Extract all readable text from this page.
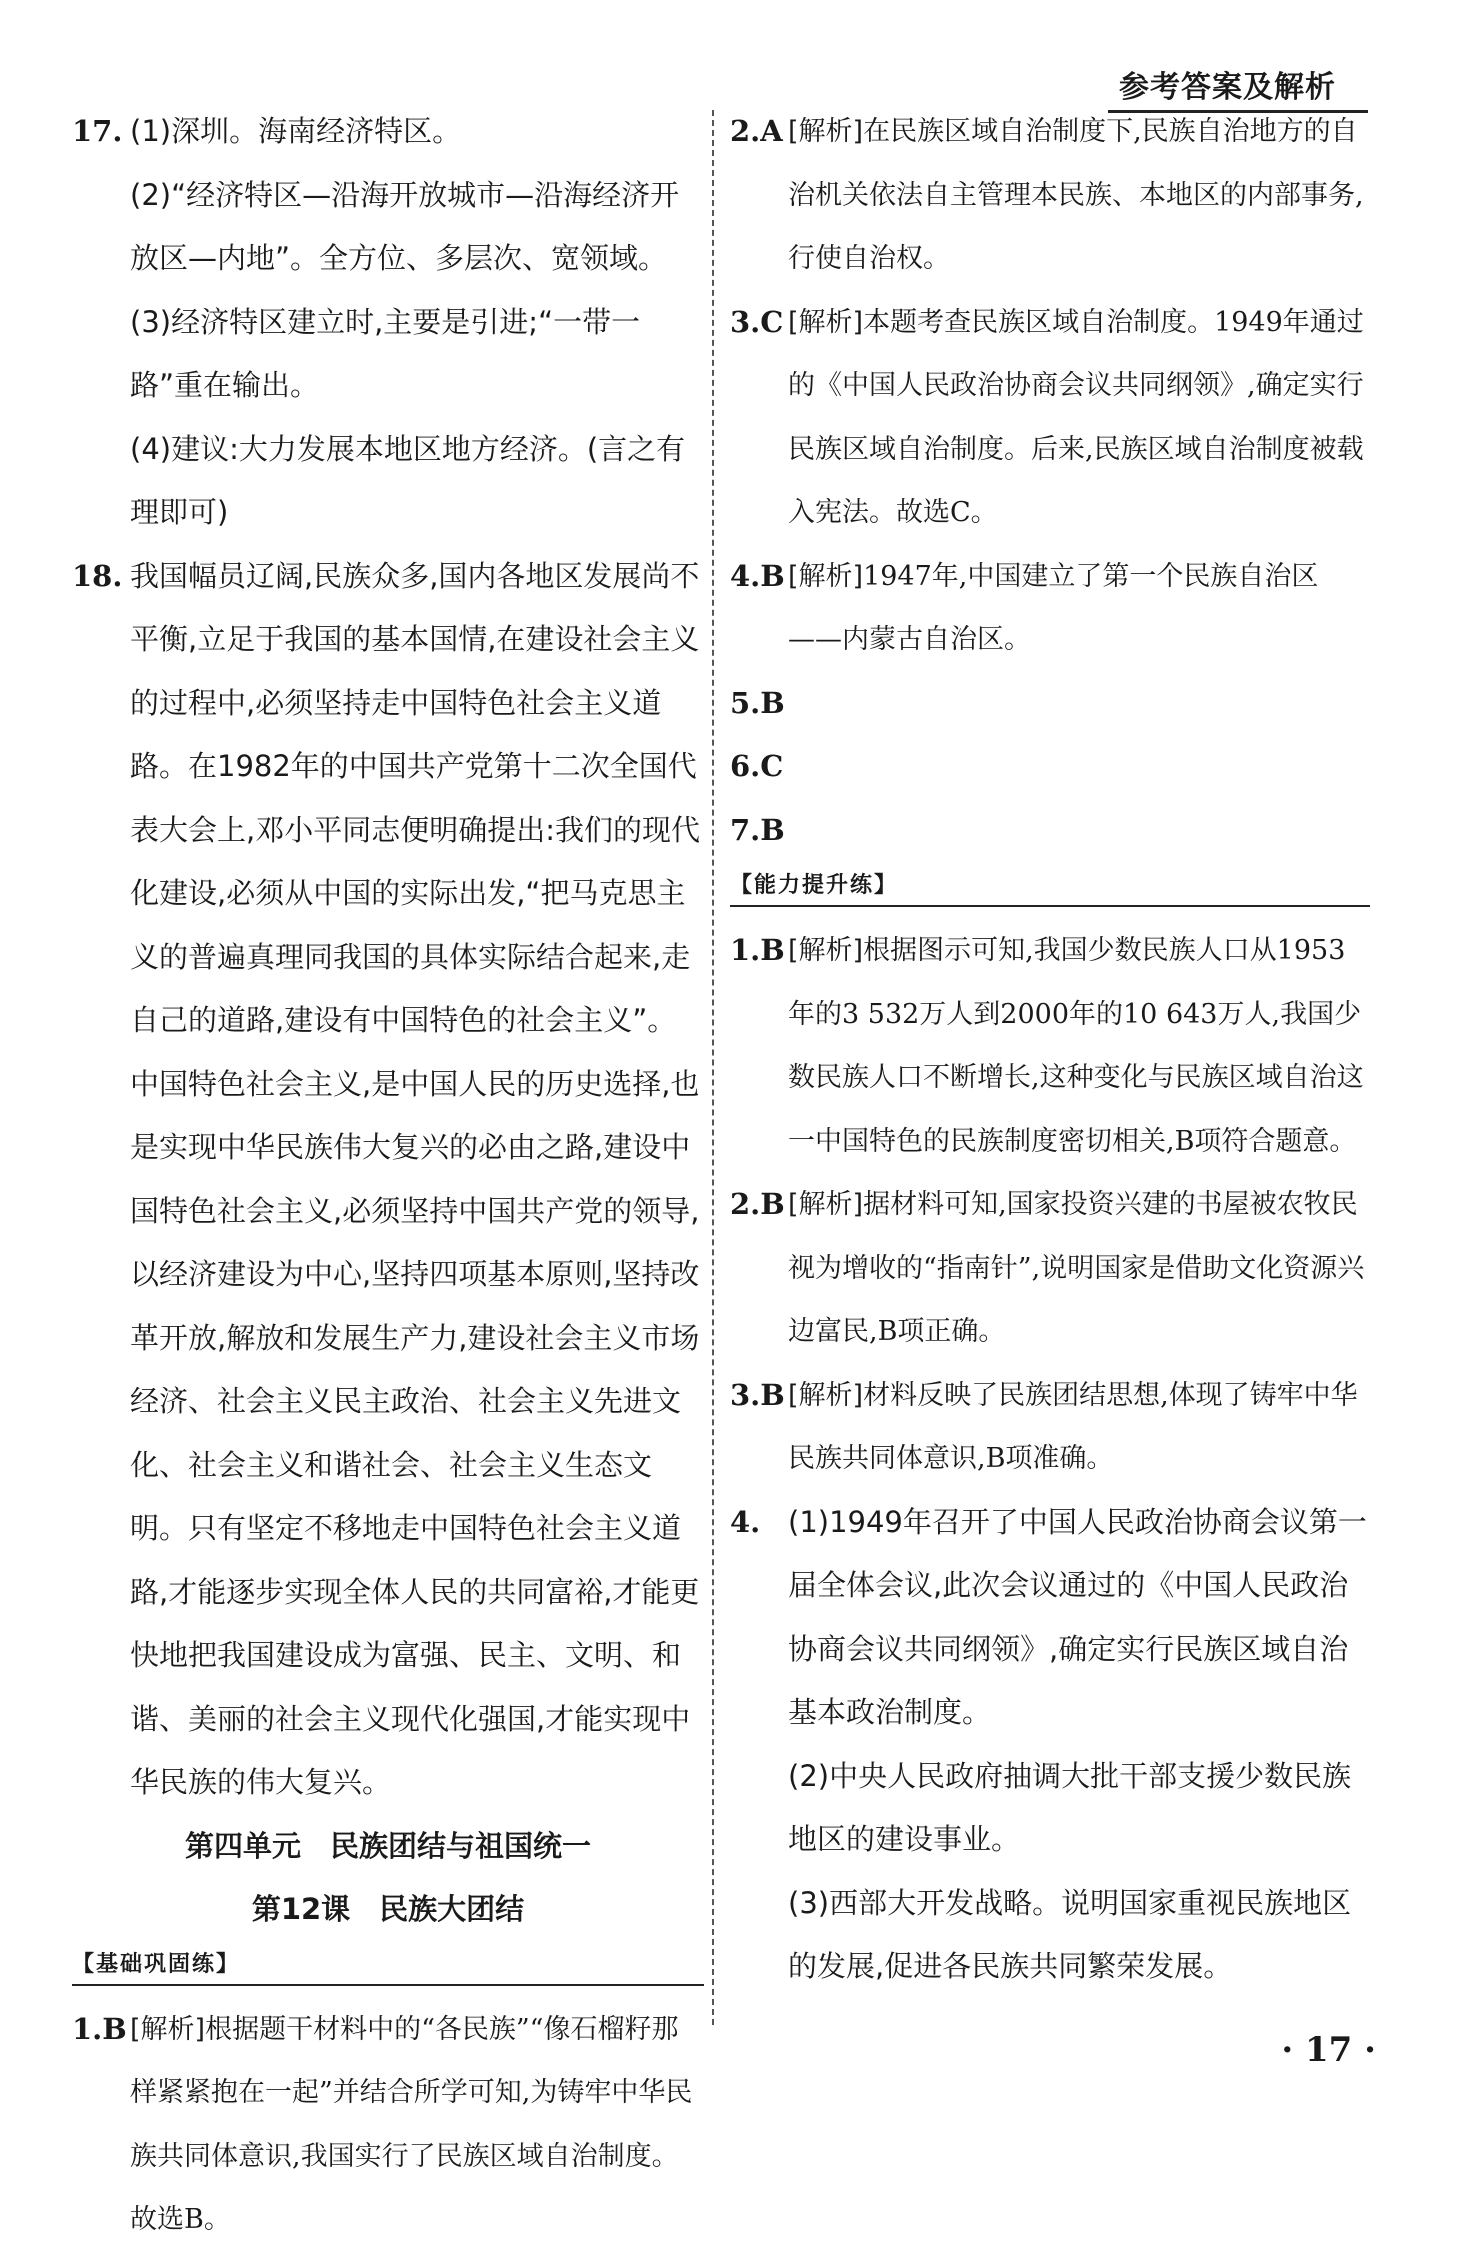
参考答案及解析
17. (1)深圳。海南经济特区。

(2)“经济特区—沿海开放城市—沿海经济开放区—内地”。全方位、多层次、宽领域。

(3)经济特区建立时,主要是引进;“一带一路”重在输出。

(4)建议:大力发展本地区地方经济。(言之有理即可)

18. 我国幅员辽阔,民族众多,国内各地区发展尚不平衡,立足于我国的基本国情,在建设社会主义的过程中,必须坚持走中国特色社会主义道路。在1982年的中国共产党第十二次全国代表大会上,邓小平同志便明确提出:我们的现代化建设,必须从中国的实际出发,“把马克思主义的普遍真理同我国的具体实际结合起来,走自己的道路,建设有中国特色的社会主义”。中国特色社会主义,是中国人民的历史选择,也是实现中华民族伟大复兴的必由之路,建设中国特色社会主义,必须坚持中国共产党的领导,以经济建设为中心,坚持四项基本原则,坚持改革开放,解放和发展生产力,建设社会主义市场经济、社会主义民主政治、社会主义先进文化、社会主义和谐社会、社会主义生态文明。只有坚定不移地走中国特色社会主义道路,才能逐步实现全体人民的共同富裕,才能更快地把我国建设成为富强、民主、文明、和谐、美丽的社会主义现代化强国,才能实现中华民族的伟大复兴。

第四单元　民族团结与祖国统一
第12课　民族大团结
【基础巩固练】
1.B [解析]根据题干材料中的“各民族”“像石榴籽那样紧紧抱在一起”并结合所学可知,为铸牢中华民族共同体意识,我国实行了民族区域自治制度。故选B。
2.A [解析]在民族区域自治制度下,民族自治地方的自治机关依法自主管理本民族、本地区的内部事务,行使自治权。
3.C [解析]本题考查民族区域自治制度。1949年通过的《中国人民政治协商会议共同纲领》,确定实行民族区域自治制度。后来,民族区域自治制度被载入宪法。故选C。
4.B [解析]1947年,中国建立了第一个民族自治区——内蒙古自治区。

5.B

6.C

7.B

【能力提升练】
1.B [解析]根据图示可知,我国少数民族人口从1953年的3 532万人到2000年的10 643万人,我国少数民族人口不断增长,这种变化与民族区域自治这一中国特色的民族制度密切相关,B项符合题意。
2.B [解析]据材料可知,国家投资兴建的书屋被农牧民视为增收的“指南针”,说明国家是借助文化资源兴边富民,B项正确。
3.B [解析]材料反映了民族团结思想,体现了铸牢中华民族共同体意识,B项准确。
4. (1)1949年召开了中国人民政治协商会议第一届全体会议,此次会议通过的《中国人民政治协商会议共同纲领》,确定实行民族区域自治基本政治制度。

(2)中央人民政府抽调大批干部支援少数民族地区的建设事业。

(3)西部大开发战略。说明国家重视民族地区的发展,促进各民族共同繁荣发展。

· 17 ·
